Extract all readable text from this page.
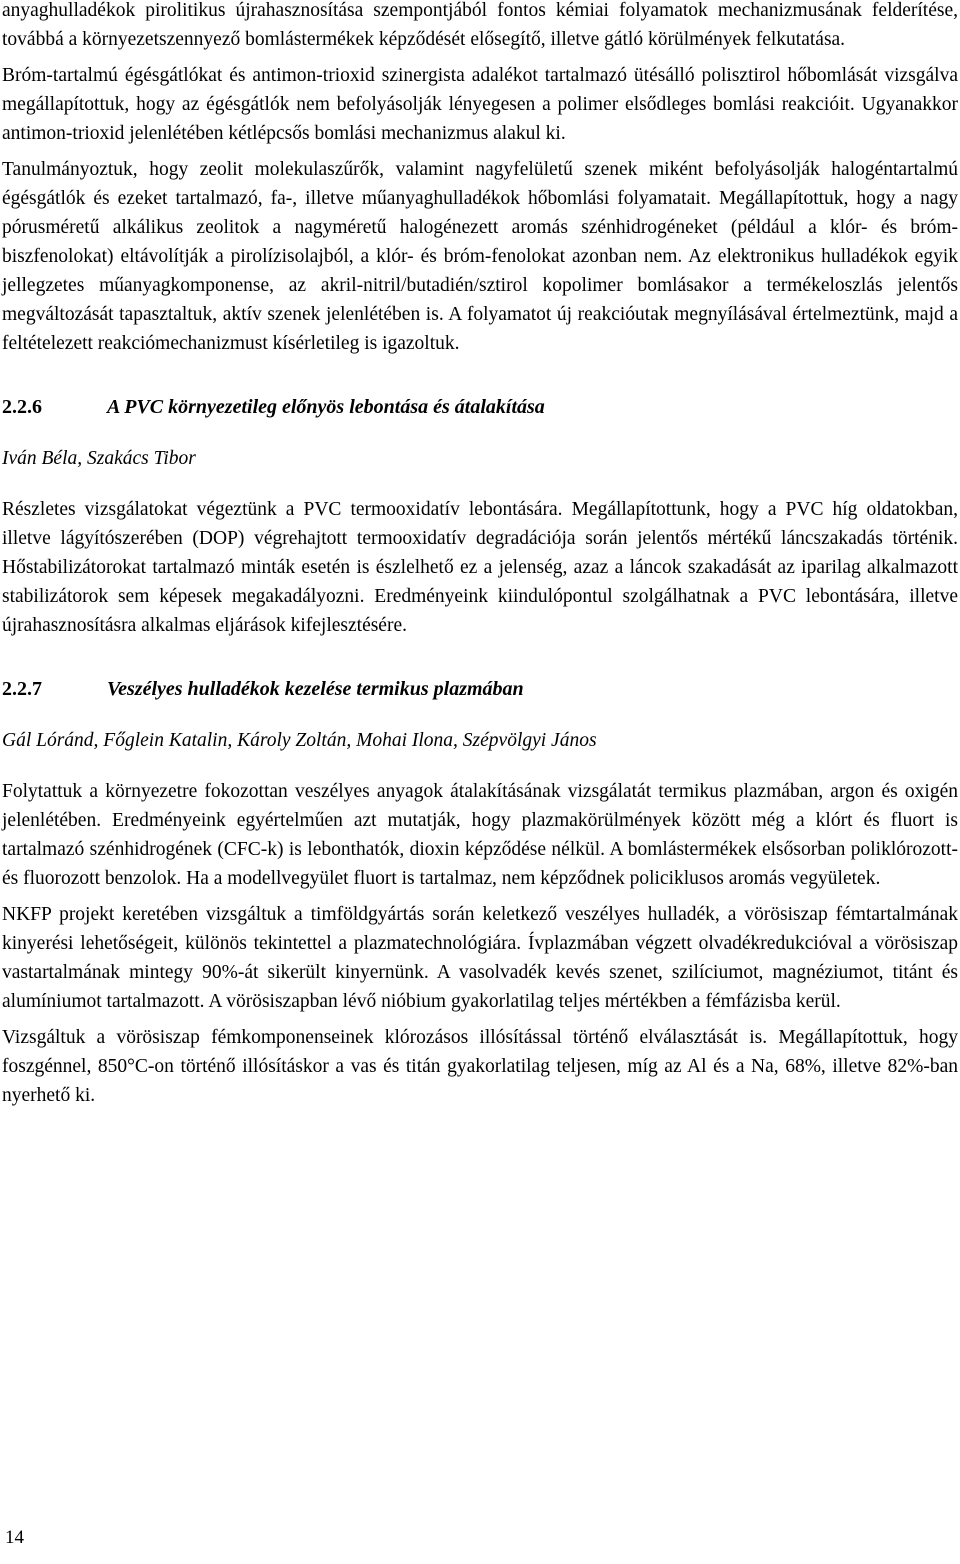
anyaghulladékok pirolitikus újrahasznosítása szempontjából fontos kémiai folyamatok mechanizmusának felderítése, továbbá a környezetszennyező bomlástermékek képződését elősegítő, illetve gátló körülmények felkutatása.

Bróm-tartalmú égésgátlókat és antimon-trioxid szinergista adalékot tartalmazó ütésálló polisztirol hőbomlását vizsgálva megállapítottuk, hogy az égésgátlók nem befolyásolják lényegesen a polimer elsődleges bomlási reakcióit. Ugyanakkor antimon-trioxid jelenlétében kétlépcsős bomlási mechanizmus alakul ki.

Tanulmányoztuk, hogy zeolit molekulaszűrők, valamint nagyfelületű szenek miként befolyásolják halogéntartalmú égésgátlók és ezeket tartalmazó, fa-, illetve műanyaghulladékok hőbomlási folyamatait. Megállapítottuk, hogy a nagy pórusméretű alkálikus zeolitok a nagyméretű halogénezett aromás szénhidrogéneket (például a klór- és bróm-biszfenolokat) eltávolítják a pirolízisolajból, a klór- és bróm-fenolokat azonban nem. Az elektronikus hulladékok egyik jellegzetes műanyagkomponense, az akril-nitril/butadién/sztirol kopolimer bomlásakor a termékeloszlás jelentős megváltozását tapasztaltuk, aktív szenek jelenlétében is. A folyamatot új reakcióutak megnyílásával értelmeztünk, majd a feltételezett reakciómechanizmust kísérletileg is igazoltuk.

2.2.6	A PVC környezetileg előnyös lebontása és átalakítása
Iván Béla, Szakács Tibor

Részletes vizsgálatokat végeztünk a PVC termooxidatív lebontására. Megállapítottunk, hogy a PVC híg oldatokban, illetve lágyítószerében (DOP) végrehajtott termooxidatív degradációja során jelentős mértékű láncszakadás történik. Hőstabilizátorokat tartalmazó minták esetén is észlelhető ez a jelenség, azaz a láncok szakadását az iparilag alkalmazott stabilizátorok sem képesek megakadályozni. Eredményeink kiindulópontul szolgálhatnak a PVC lebontására, illetve újrahasznosításra alkalmas eljárások kifejlesztésére.

2.2.7	Veszélyes hulladékok kezelése termikus plazmában
Gál Lóránd, Főglein Katalin, Károly Zoltán, Mohai Ilona, Szépvölgyi János

Folytattuk a környezetre fokozottan veszélyes anyagok átalakításának vizsgálatát termikus plazmában, argon és oxigén jelenlétében. Eredményeink egyértelműen azt mutatják, hogy plazmakörülmények között még a klórt és fluort is tartalmazó szénhidrogének (CFC-k) is lebonthatók, dioxin képződése nélkül. A bomlástermékek elsősorban poliklórozott- és fluorozott benzolok. Ha a modellvegyület fluort is tartalmaz, nem képződnek policiklusos aromás vegyületek.

NKFP projekt keretében vizsgáltuk a timföldgyártás során keletkező veszélyes hulladék, a vörösiszap fémtartalmának kinyerési lehetőségeit, különös tekintettel a plazmatechnológiára. Ívplazmában végzett olvadékredukcióval a vörösiszap vastartalmának mintegy 90%-át sikerült kinyernünk. A vasolvadék kevés szenet, szilíciumot, magnéziumot, titánt és alumíniumot tartalmazott. A vörösiszapban lévő nióbium gyakorlatilag teljes mértékben a fémfázisba kerül.

Vizsgáltuk a vörösiszap fémkomponenseinek klórozásos illósítással történő elválasztását is. Megállapítottuk, hogy foszgénnel, 850°C-on történő illósításkor a vas és titán gyakorlatilag teljesen, míg az Al és a Na, 68%, illetve 82%-ban nyerhető ki.

14
